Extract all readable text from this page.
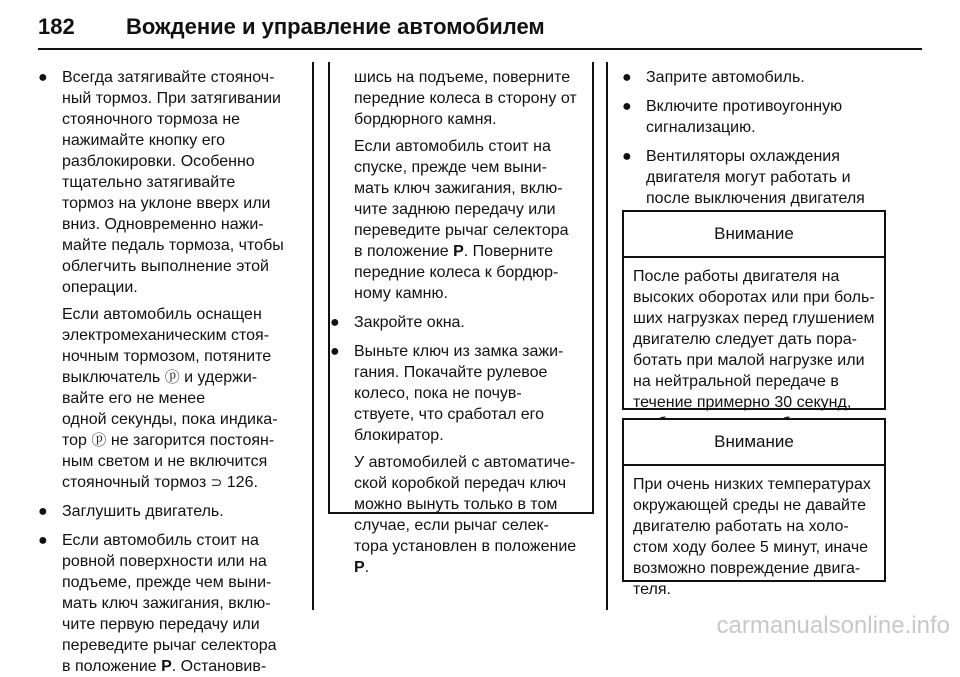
182 Вождение и управление автомобилем
● Всегда затягивайте стояноч-

ный тормоз. При затягивании

стояночного тормоза не

нажимайте кнопку его

разблокировки. Особенно

тщательно затягивайте

тормоз на уклоне вверх или

вниз. Одновременно нажи-

майте педаль тормоза, чтобы

облегчить выполнение этой

операции.

Если автомобиль оснащен

электромеханическим стоя-

ночным тормозом, потяните

выключатель ⓟ и удержи-

вайте его не менее

одной секунды, пока индика-

тор ⓟ не загорится постоян-

ным светом и не включится

стояночный тормоз ⊃ 126.

● Заглушить двигатель.

● Если автомобиль стоит на

ровной поверхности или на

подъеме, прежде чем выни-

мать ключ зажигания, вклю-

чите первую передачу или

переведите рычаг селектора

в положение P. Остановив-

шись на подъеме, поверните

передние колеса в сторону от

бордюрного камня.

Если автомобиль стоит на

спуске, прежде чем выни-

мать ключ зажигания, вклю-

чите заднюю передачу или

переведите рычаг селектора

в положение P. Поверните

передние колеса к бордюр-

ному камню.

● Закройте окна.

● Выньте ключ из замка зажи-

гания. Покачайте рулевое

колесо, пока не почув-

ствуете, что сработал его

блокиратор.

У автомобилей с автоматиче-

ской коробкой передач ключ

можно вынуть только в том

случае, если рычаг селек-

тора установлен в положение

P.

● Заприте автомобиль.

● Включите противоугонную

сигнализацию.

● Вентиляторы охлаждения

двигателя могут работать и

после выключения двигателя

Внимание

После работы двигателя на

высоких оборотах или при боль-

ших нагрузках перед глушением

двигателю следует дать пора-

ботать при малой нагрузке или

на нейтральной передаче в

течение примерно 30 секунд,

Внимание

При очень низких температурах

окружающей среды не давайте

двигателю работать на холо-

стом ходу более 5 минут, иначе

возможно повреждение двига-

теля.

carmanualsonline.info
